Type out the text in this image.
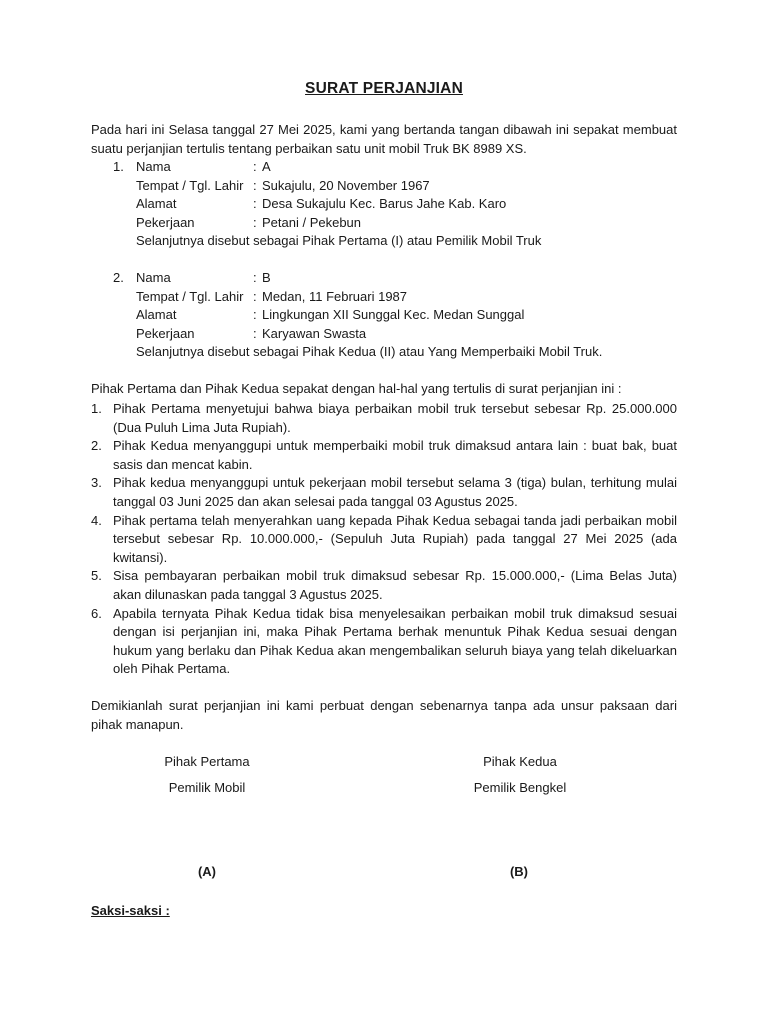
SURAT PERJANJIAN
Pada hari ini Selasa tanggal 27 Mei 2025, kami yang bertanda tangan dibawah ini sepakat membuat suatu perjanjian tertulis tentang perbaikan satu unit mobil Truk BK 8989 XS.
1. Nama	: A
Tempat / Tgl. Lahir : Sukajulu, 20 November 1967
Alamat	: Desa Sukajulu Kec. Barus Jahe Kab. Karo
Pekerjaan	: Petani / Pekebun
Selanjutnya disebut sebagai Pihak Pertama (I) atau Pemilik Mobil Truk
2. Nama	: B
Tempat / Tgl. Lahir : Medan, 11 Februari 1987
Alamat	: Lingkungan XII Sunggal Kec. Medan Sunggal
Pekerjaan	: Karyawan Swasta
Selanjutnya disebut sebagai Pihak Kedua (II) atau Yang Memperbaiki Mobil Truk.
Pihak Pertama dan Pihak Kedua sepakat dengan hal-hal yang tertulis di surat perjanjian ini :
1. Pihak Pertama menyetujui bahwa biaya perbaikan mobil truk tersebut sebesar Rp. 25.000.000 (Dua Puluh Lima Juta Rupiah).
2. Pihak Kedua menyanggupi untuk memperbaiki mobil truk dimaksud antara lain : buat bak, buat sasis dan mencat kabin.
3. Pihak kedua menyanggupi untuk pekerjaan mobil tersebut selama 3 (tiga) bulan, terhitung mulai tanggal 03 Juni 2025 dan akan selesai pada tanggal 03 Agustus 2025.
4. Pihak pertama telah menyerahkan uang kepada Pihak Kedua sebagai tanda jadi perbaikan mobil tersebut sebesar Rp. 10.000.000,- (Sepuluh Juta Rupiah) pada tanggal 27 Mei 2025 (ada kwitansi).
5. Sisa pembayaran perbaikan mobil truk dimaksud sebesar Rp. 15.000.000,- (Lima Belas Juta) akan dilunaskan pada tanggal 3 Agustus 2025.
6. Apabila ternyata Pihak Kedua tidak bisa menyelesaikan perbaikan mobil truk dimaksud sesuai dengan isi perjanjian ini, maka Pihak Pertama berhak menuntuk Pihak Kedua sesuai dengan hukum yang berlaku dan Pihak Kedua akan mengembalikan seluruh biaya yang telah dikeluarkan oleh Pihak Pertama.
Demikianlah surat perjanjian ini kami perbuat dengan sebenarnya tanpa ada unsur paksaan dari pihak manapun.
Pihak Pertama
Pemilik Mobil
Pihak Kedua
Pemilik Bengkel
(A)	(B)
Saksi-saksi :
